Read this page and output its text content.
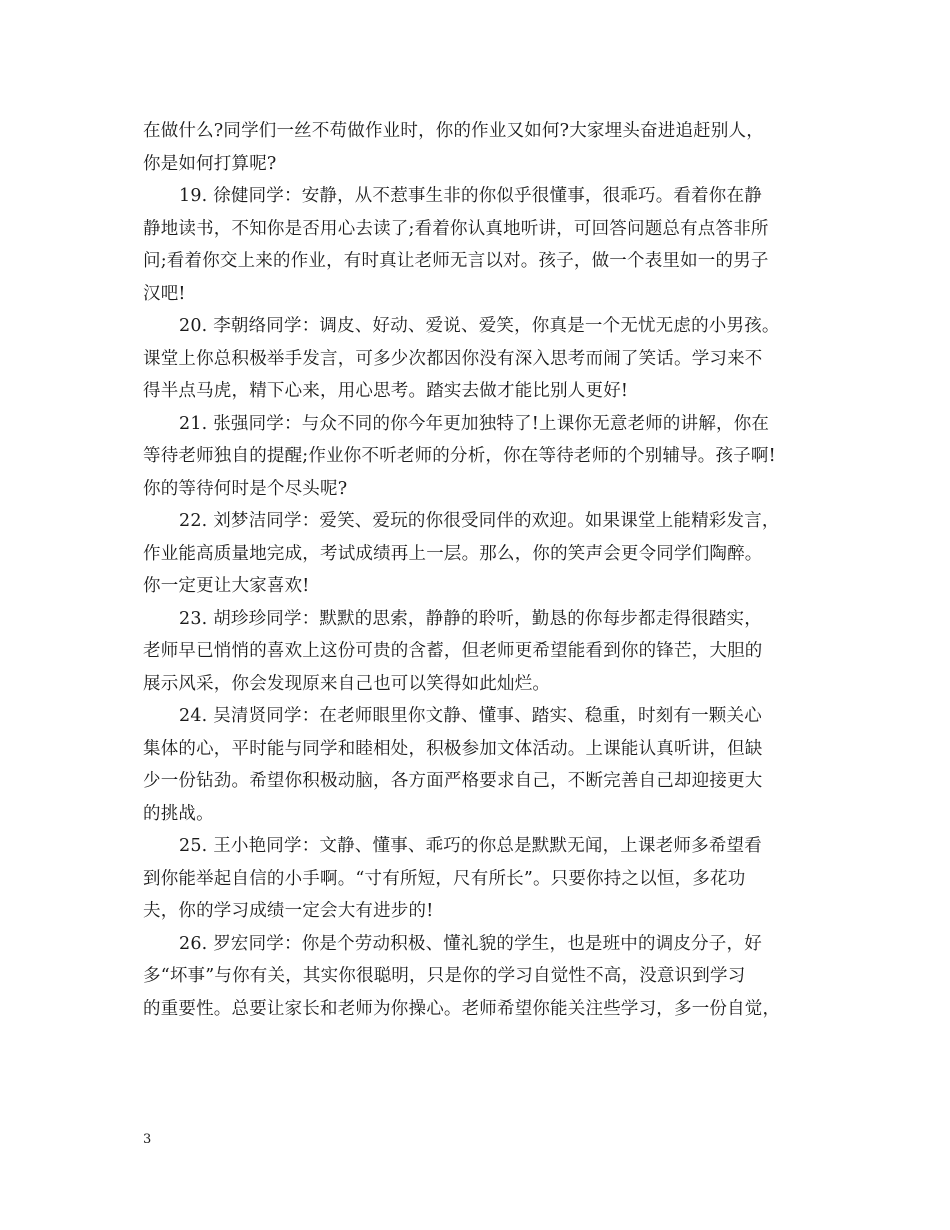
在做什么?同学们一丝不苟做作业时，你的作业又如何?大家埋头奋进追赶别人，
你是如何打算呢?
19. 徐健同学：安静，从不惹事生非的你似乎很懂事，很乖巧。看着你在静
静地读书，不知你是否用心去读了;看着你认真地听讲，可回答问题总有点答非所
问;看着你交上来的作业，有时真让老师无言以对。孩子，做一个表里如一的男子
汉吧!
20. 李朝络同学：调皮、好动、爱说、爱笑，你真是一个无忧无虑的小男孩。
课堂上你总积极举手发言，可多少次都因你没有深入思考而闹了笑话。学习来不
得半点马虎，精下心来，用心思考。踏实去做才能比别人更好!
21. 张强同学：与众不同的你今年更加独特了!上课你无意老师的讲解，你在
等待老师独自的提醒;作业你不听老师的分析，你在等待老师的个别辅导。孩子啊!
你的等待何时是个尽头呢?
22. 刘梦洁同学：爱笑、爱玩的你很受同伴的欢迎。如果课堂上能精彩发言，
作业能高质量地完成，考试成绩再上一层。那么，你的笑声会更令同学们陶醉。
你一定更让大家喜欢!
23. 胡珍珍同学：默默的思索，静静的聆听，勤恳的你每步都走得很踏实，
老师早已悄悄的喜欢上这份可贵的含蓄，但老师更希望能看到你的锋芒，大胆的
展示风采，你会发现原来自己也可以笑得如此灿烂。
24. 吴清贤同学：在老师眼里你文静、懂事、踏实、稳重，时刻有一颗关心
集体的心，平时能与同学和睦相处，积极参加文体活动。上课能认真听讲，但缺
少一份钻劲。希望你积极动脑，各方面严格要求自己，不断完善自己却迎接更大
的挑战。
25. 王小艳同学：文静、懂事、乖巧的你总是默默无闻，上课老师多希望看
到你能举起自信的小手啊。“寸有所短，尺有所长”。只要你持之以恒，多花功
夫，你的学习成绩一定会大有进步的!
26. 罗宏同学：你是个劳动积极、懂礼貌的学生，也是班中的调皮分子，好
多“坏事”与你有关，其实你很聪明，只是你的学习自觉性不高，没意识到学习
的重要性。总要让家长和老师为你操心。老师希望你能关注些学习，多一份自觉，
3
